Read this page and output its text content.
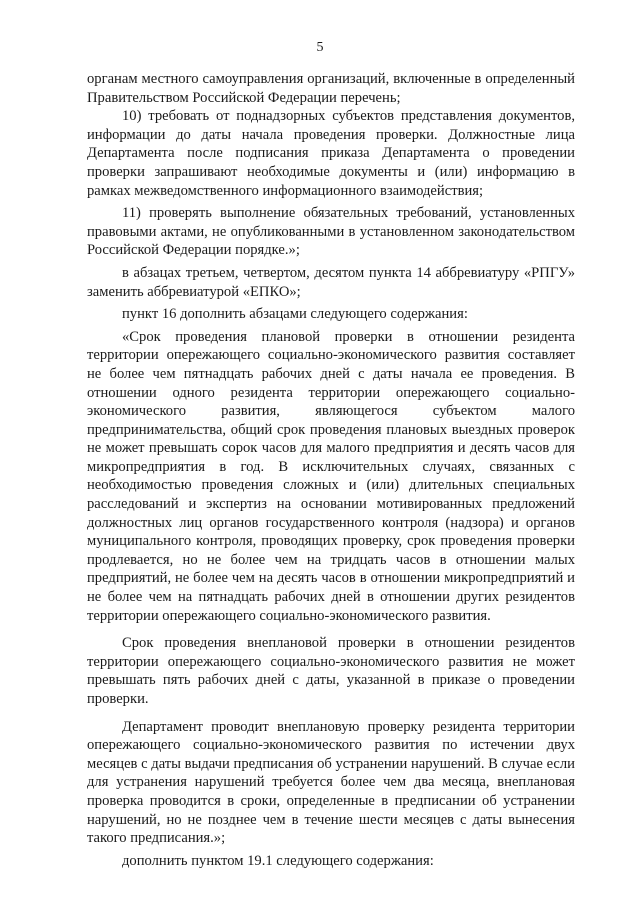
5

органам местного самоуправления организаций, включенные в определенный Правительством Российской Федерации перечень;

10) требовать от поднадзорных субъектов представления документов, информации до даты начала проведения проверки. Должностные лица Департамента после подписания приказа Департамента о проведении проверки запрашивают необходимые документы и (или) информацию в рамках межведомственного информационного взаимодействия;

11) проверять выполнение обязательных требований, установленных правовыми актами, не опубликованными в установленном законодательством Российской Федерации порядке.»;

в абзацах третьем, четвертом, десятом пункта 14 аббревиатуру «РПГУ» заменить аббревиатурой «ЕПКО»;

пункт 16 дополнить абзацами следующего содержания:

«Срок проведения плановой проверки в отношении резидента территории опережающего социально-экономического развития составляет не более чем пятнадцать рабочих дней с даты начала ее проведения. В отношении одного резидента территории опережающего социально-экономического развития, являющегося субъектом малого предпринимательства, общий срок проведения плановых выездных проверок не может превышать сорок часов для малого предприятия и десять часов для микропредприятия в год. В исключительных случаях, связанных с необходимостью проведения сложных и (или) длительных специальных расследований и экспертиз на основании мотивированных предложений должностных лиц органов государственного контроля (надзора) и органов муниципального контроля, проводящих проверку, срок проведения проверки продлевается, но не более чем на тридцать часов в отношении малых предприятий, не более чем на десять часов в отношении микропредприятий и не более чем на пятнадцать рабочих дней в отношении других резидентов территории опережающего социально-экономического развития.

Срок проведения внеплановой проверки в отношении резидентов территории опережающего социально-экономического развития не может превышать пять рабочих дней с даты, указанной в приказе о проведении проверки.

Департамент проводит внеплановую проверку резидента территории опережающего социально-экономического развития по истечении двух месяцев с даты выдачи предписания об устранении нарушений. В случае если для устранения нарушений требуется более чем два месяца, внеплановая проверка проводится в сроки, определенные в предписании об устранении нарушений, но не позднее чем в течение шести месяцев с даты вынесения такого предписания.»;

дополнить пунктом 19.1 следующего содержания:
